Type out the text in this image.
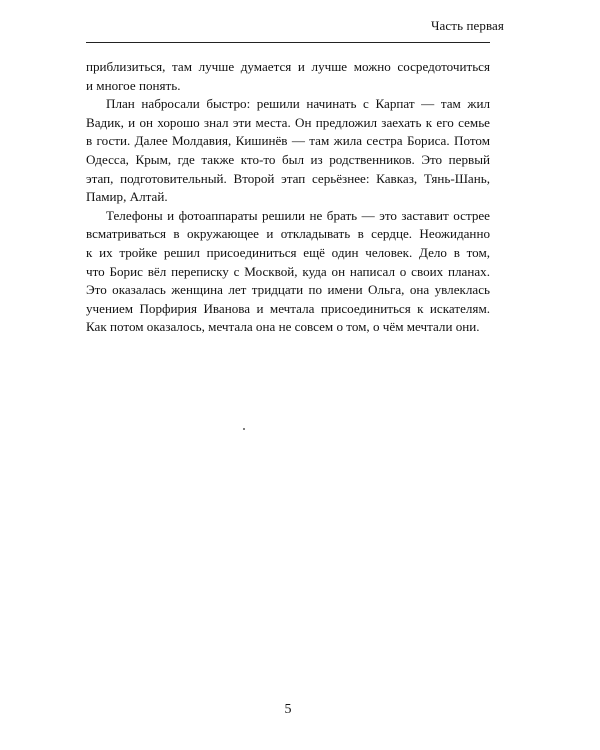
Часть первая
приблизиться, там лучше думается и лучше можно сосредоточиться
и многое понять.
План набросали быстро: решили начинать с Карпат — там жил
Вадик, и он хорошо знал эти места. Он предложил заехать к его семье
в гости. Далее Молдавия, Кишинёв — там жила сестра Бориса. Потом
Одесса, Крым, где также кто-то был из родственников. Это первый
этап, подготовительный. Второй этап серьёзнее: Кавказ, Тянь-Шань,
Памир, Алтай.
Телефоны и фотоаппараты решили не брать — это заставит острее
всматриваться в окружающее и откладывать в сердце. Неожиданно
к их тройке решил присоединиться ещё один человек. Дело в том,
что Борис вёл переписку с Москвой, куда он написал о своих планах.
Это оказалась женщина лет тридцати по имени Ольга, она увлеклась
учением Порфирия Иванова и мечтала присоединиться к искателям.
Как потом оказалось, мечтала она не совсем о том, о чём мечтали они.
5
